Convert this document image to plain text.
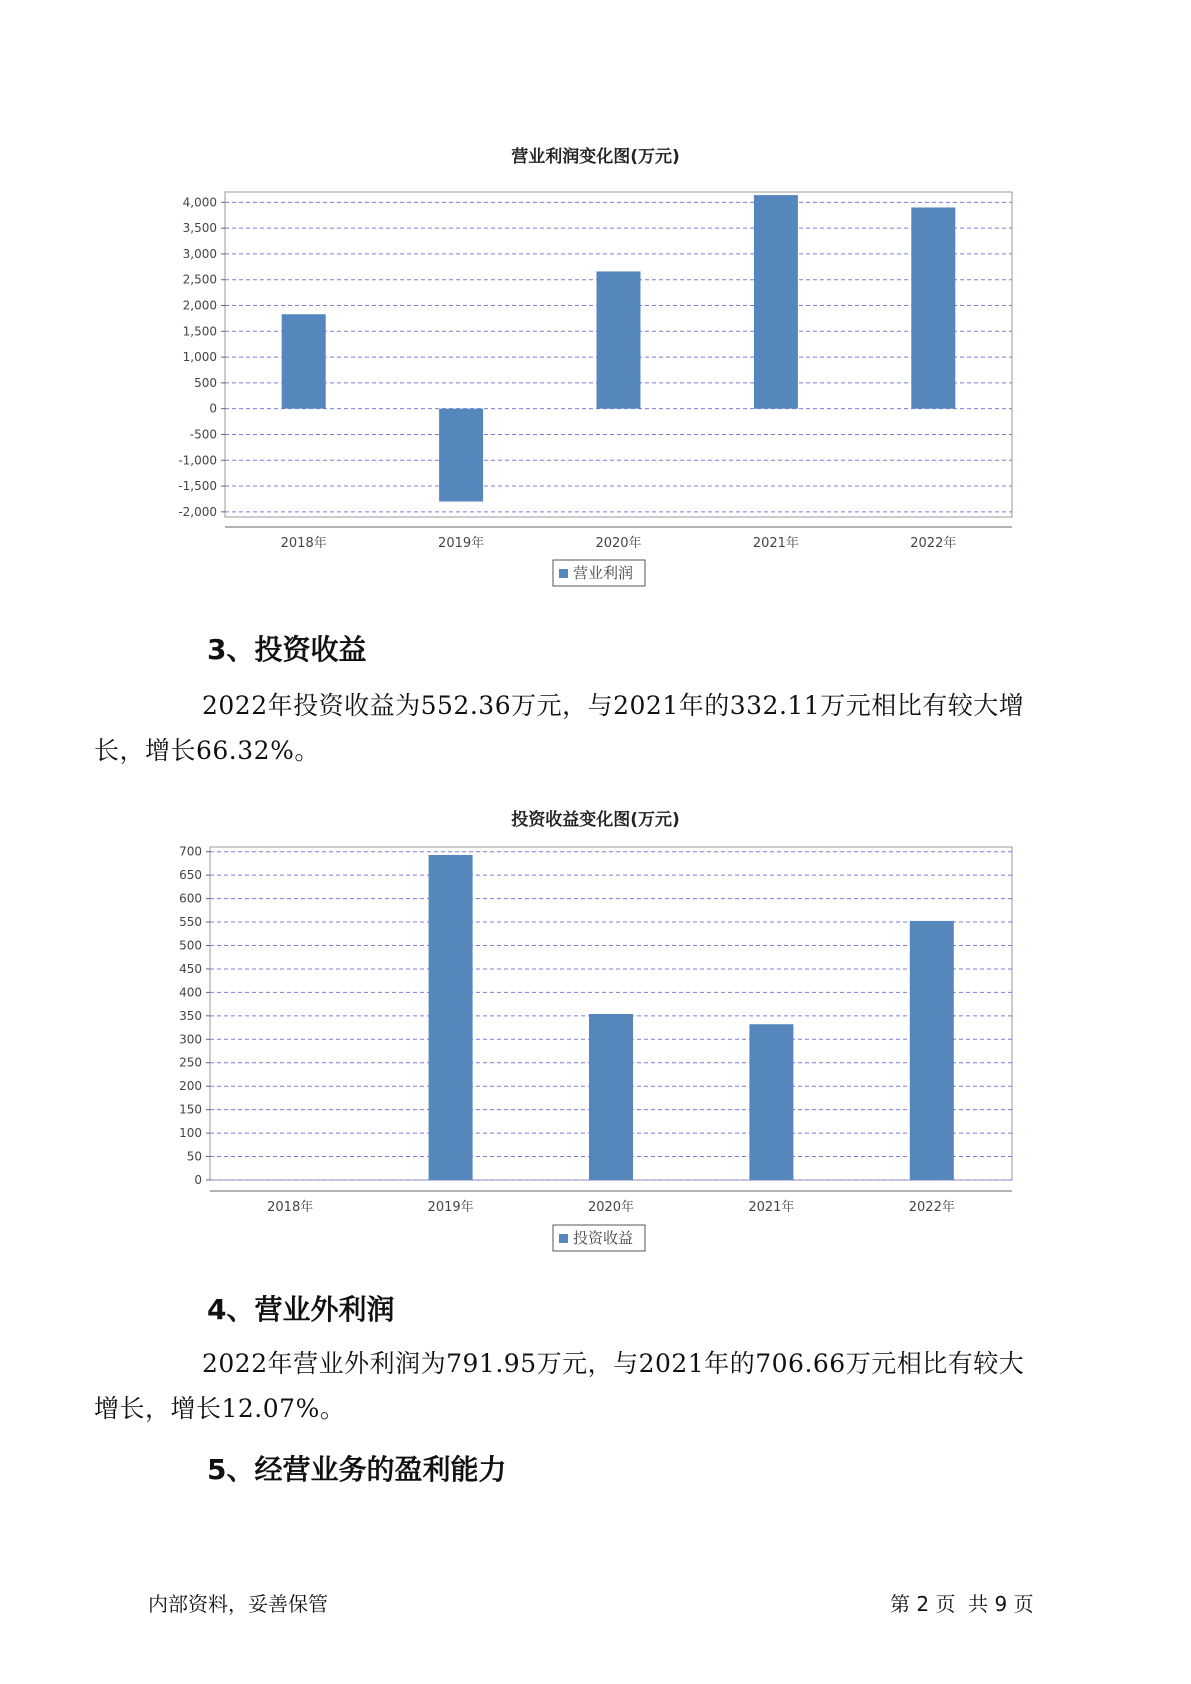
营业利润变化图(万元)
4,000
3,500
3,000
2,500
2,000
1,500
1,000
500
0
-500
-1,000
-1,500
-2,000
2018年	2019年	2020年	2021年	2022年
营业利润
3、投资收益

2022年投资收益为552.36万元，与2021年的332.11万元相比有较大增
长，增长66.32%。

投资收益变化图(万元)
700
650
600
550
500
450
400
350
300
250
200
150
100
50
0
2018年	2019年	2020年	2021年	2022年
投资收益
4、营业外利润

2022年营业外利润为791.95万元，与2021年的706.66万元相比有较大
增长，增长12.07%。

5、经营业务的盈利能力
内部资料，妥善保管	第 2 页  共 9 页
